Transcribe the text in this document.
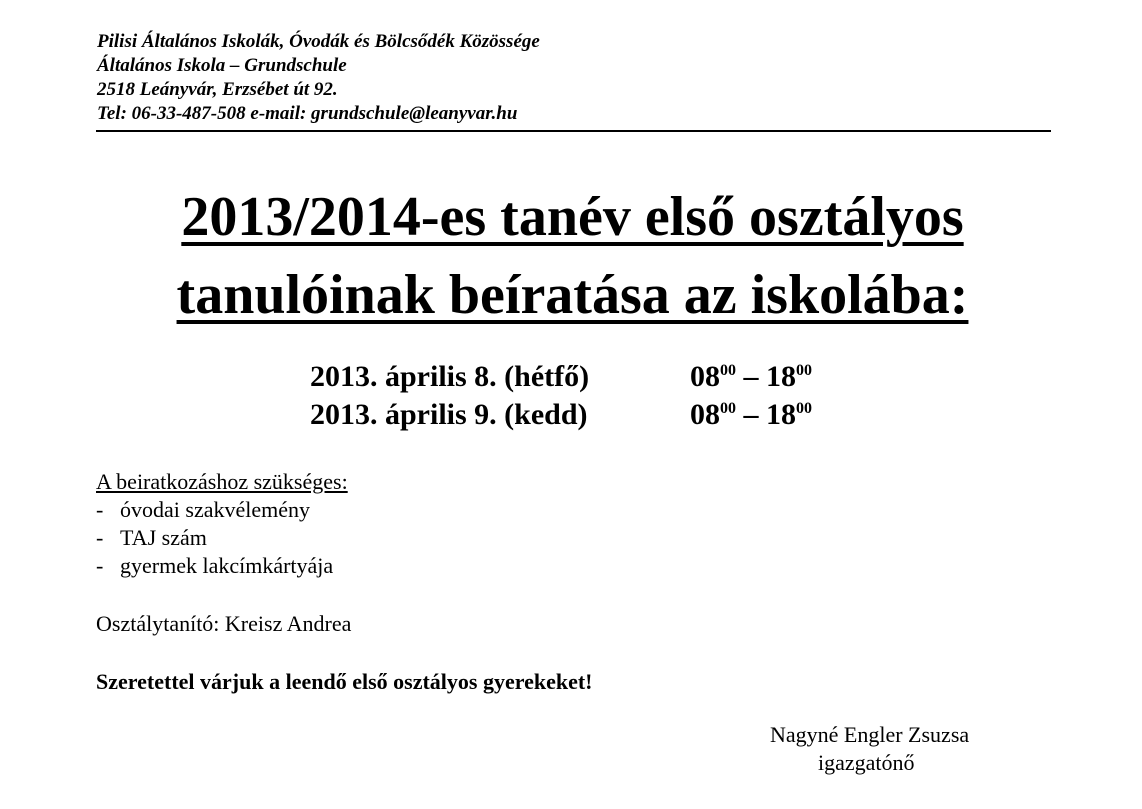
Pilisi Általános Iskolák, Óvodák és Bölcsődék Közössége
Általános Iskola – Grundschule
2518 Leányvár, Erzsébet út 92.
Tel: 06-33-487-508 e-mail: grundschule@leanyvar.hu
2013/2014-es tanév első osztályos
tanulóinak beíratása az iskolába:
2013. április 8. (hétfő)	$08^{00} - 18^{00}$
2013. április 9. (kedd)	$08^{00} - 18^{00}$
A beiratkozáshoz szükséges:
- óvodai szakvélemény
- TAJ szám
- gyermek lakcímkártyája
Osztálytanító: Kreisz Andrea
Szeretettel várjuk a leendő első osztályos gyerekeket!
Nagyné Engler Zsuzsa
igazgatónő
